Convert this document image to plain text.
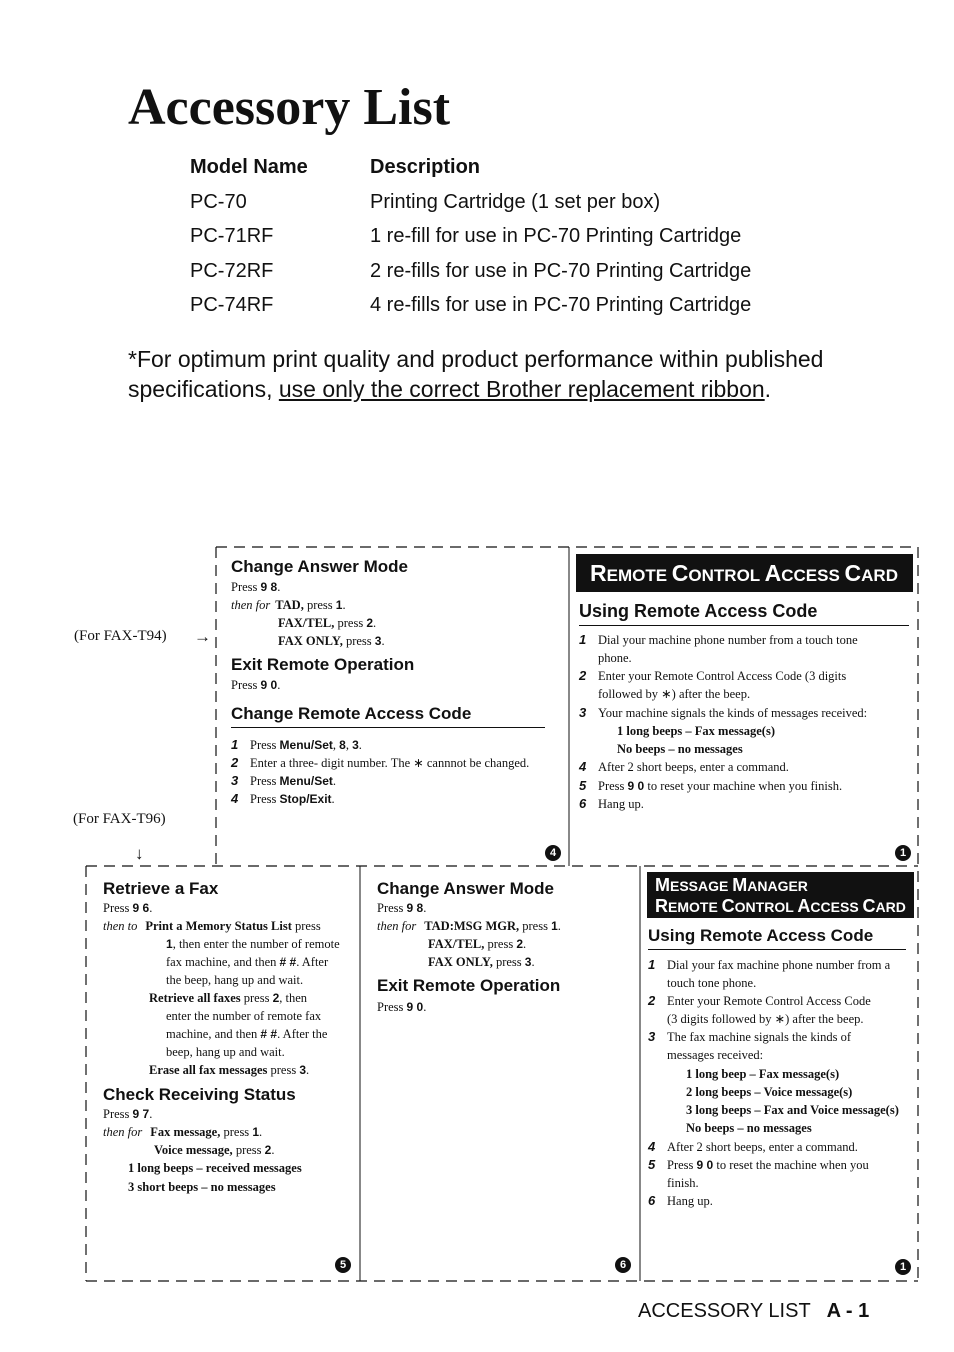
Accessory List
Model Name	Description
PC-70	Printing Cartridge (1 set per box)
PC-71RF	1 re-fill for use in PC-70 Printing Cartridge
PC-72RF	2 re-fills for use in PC-70 Printing Cartridge
PC-74RF	4 re-fills for use in PC-70 Printing Cartridge
*For optimum print quality and product performance within published specifications, use only the correct Brother replacement ribbon.
(For FAX-T94) →
(For FAX-T96)
↓
Change Answer Mode
Press 9 8.
then for TAD, press 1.
FAX/TEL, press 2.
FAX ONLY, press 3.
Exit Remote Operation
Press 9 0.
Change Remote Access Code
1 Press Menu/Set, 8, 3.
2 Enter a three- digit number. The ∗ cannnot be changed.
3 Press Menu/Set.
4 Press Stop/Exit.
4
REMOTE CONTROL ACCESS CARD
Using Remote Access Code
1 Dial your machine phone number from a touch tone
phone.
2 Enter your Remote Control Access Code (3 digits
followed by ∗) after the beep.
3 Your machine signals the kinds of messages received:
1 long beeps – Fax message(s)
No beeps – no messages
4 After 2 short beeps, enter a command.
5 Press 9 0 to reset your machine when you finish.
6 Hang up.
1
Retrieve a Fax
Press 9 6.
then to Print a Memory Status List press
1, then enter the number of remote
fax machine, and then # #. After
the beep, hang up and wait.
Retrieve all faxes press 2, then
enter the number of remote fax
machine, and then # #. After the
beep, hang up and wait.
Erase all fax messages press 3.
Check Receiving Status
Press 9 7.
then for Fax message, press 1.
Voice message, press 2.
1 long beeps – received messages
3 short beeps – no messages
5
Change Answer Mode
Press 9 8.
then for TAD:MSG MGR, press 1.
FAX/TEL, press 2.
FAX ONLY, press 3.
Exit Remote Operation
Press 9 0.
6
MESSAGE MANAGER
REMOTE CONTROL ACCESS CARD
Using Remote Access Code
1 Dial your fax machine phone number from a
touch tone phone.
2 Enter your Remote Control Access Code
(3 digits followed by ∗) after the beep.
3 The fax machine signals the kinds of
messages received:
1 long beep – Fax message(s)
2 long beeps – Voice message(s)
3 long beeps – Fax and Voice message(s)
No beeps – no messages
4 After 2 short beeps, enter a command.
5 Press 9 0 to reset the machine when you
finish.
6 Hang up.
1
ACCESSORY LIST A - 1
